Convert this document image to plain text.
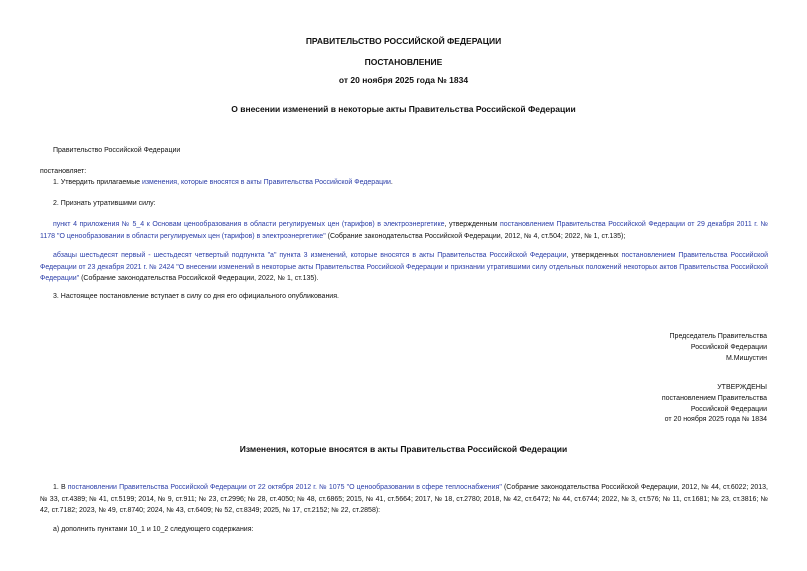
ПРАВИТЕЛЬСТВО РОССИЙСКОЙ ФЕДЕРАЦИИ
ПОСТАНОВЛЕНИЕ
от 20 ноября 2025 года № 1834
О внесении изменений в некоторые акты Правительства Российской Федерации
Правительство Российской Федерации
постановляет:
1. Утвердить прилагаемые изменения, которые вносятся в акты Правительства Российской Федерации.
2. Признать утратившими силу:
пункт 4 приложения № 5_4 к Основам ценообразования в области регулируемых цен (тарифов) в электроэнергетике, утвержденным постановлением Правительства Российской Федерации от 29 декабря 2011 г. № 1178 "О ценообразовании в области регулируемых цен (тарифов) в электроэнергетике" (Собрание законодательства Российской Федерации, 2012, № 4, ст.504; 2022, № 1, ст.135);
абзацы шестьдесят первый - шестьдесят четвертый подпункта "а" пункта 3 изменений, которые вносятся в акты Правительства Российской Федерации, утвержденных постановлением Правительства Российской Федерации от 23 декабря 2021 г. № 2424 "О внесении изменений в некоторые акты Правительства Российской Федерации и признании утратившими силу отдельных положений некоторых актов Правительства Российской Федерации" (Собрание законодательства Российской Федерации, 2022, № 1, ст.135).
3. Настоящее постановление вступает в силу со дня его официального опубликования.
Председатель Правительства
Российской Федерации
М.Мишустин
УТВЕРЖДЕНЫ
постановлением Правительства
Российской Федерации
от 20 ноября 2025 года № 1834
Изменения, которые вносятся в акты Правительства Российской Федерации
1. В постановлении Правительства Российской Федерации от 22 октября 2012 г. № 1075 "О ценообразовании в сфере теплоснабжения" (Собрание законодательства Российской Федерации, 2012, № 44, ст.6022; 2013, № 33, ст.4389; № 41, ст.5199; 2014, № 9, ст.911; № 23, ст.2996; № 28, ст.4050; № 48, ст.6865; 2015, № 41, ст.5664; 2017, № 18, ст.2780; 2018, № 42, ст.6472; № 44, ст.6744; 2022, № 3, ст.576; № 11, ст.1681; № 23, ст.3816; № 42, ст.7182; 2023, № 49, ст.8740; 2024, № 43, ст.6409; № 52, ст.8349; 2025, № 17, ст.2152; № 22, ст.2858):
а) дополнить пунктами 10_1 и 10_2 следующего содержания:
